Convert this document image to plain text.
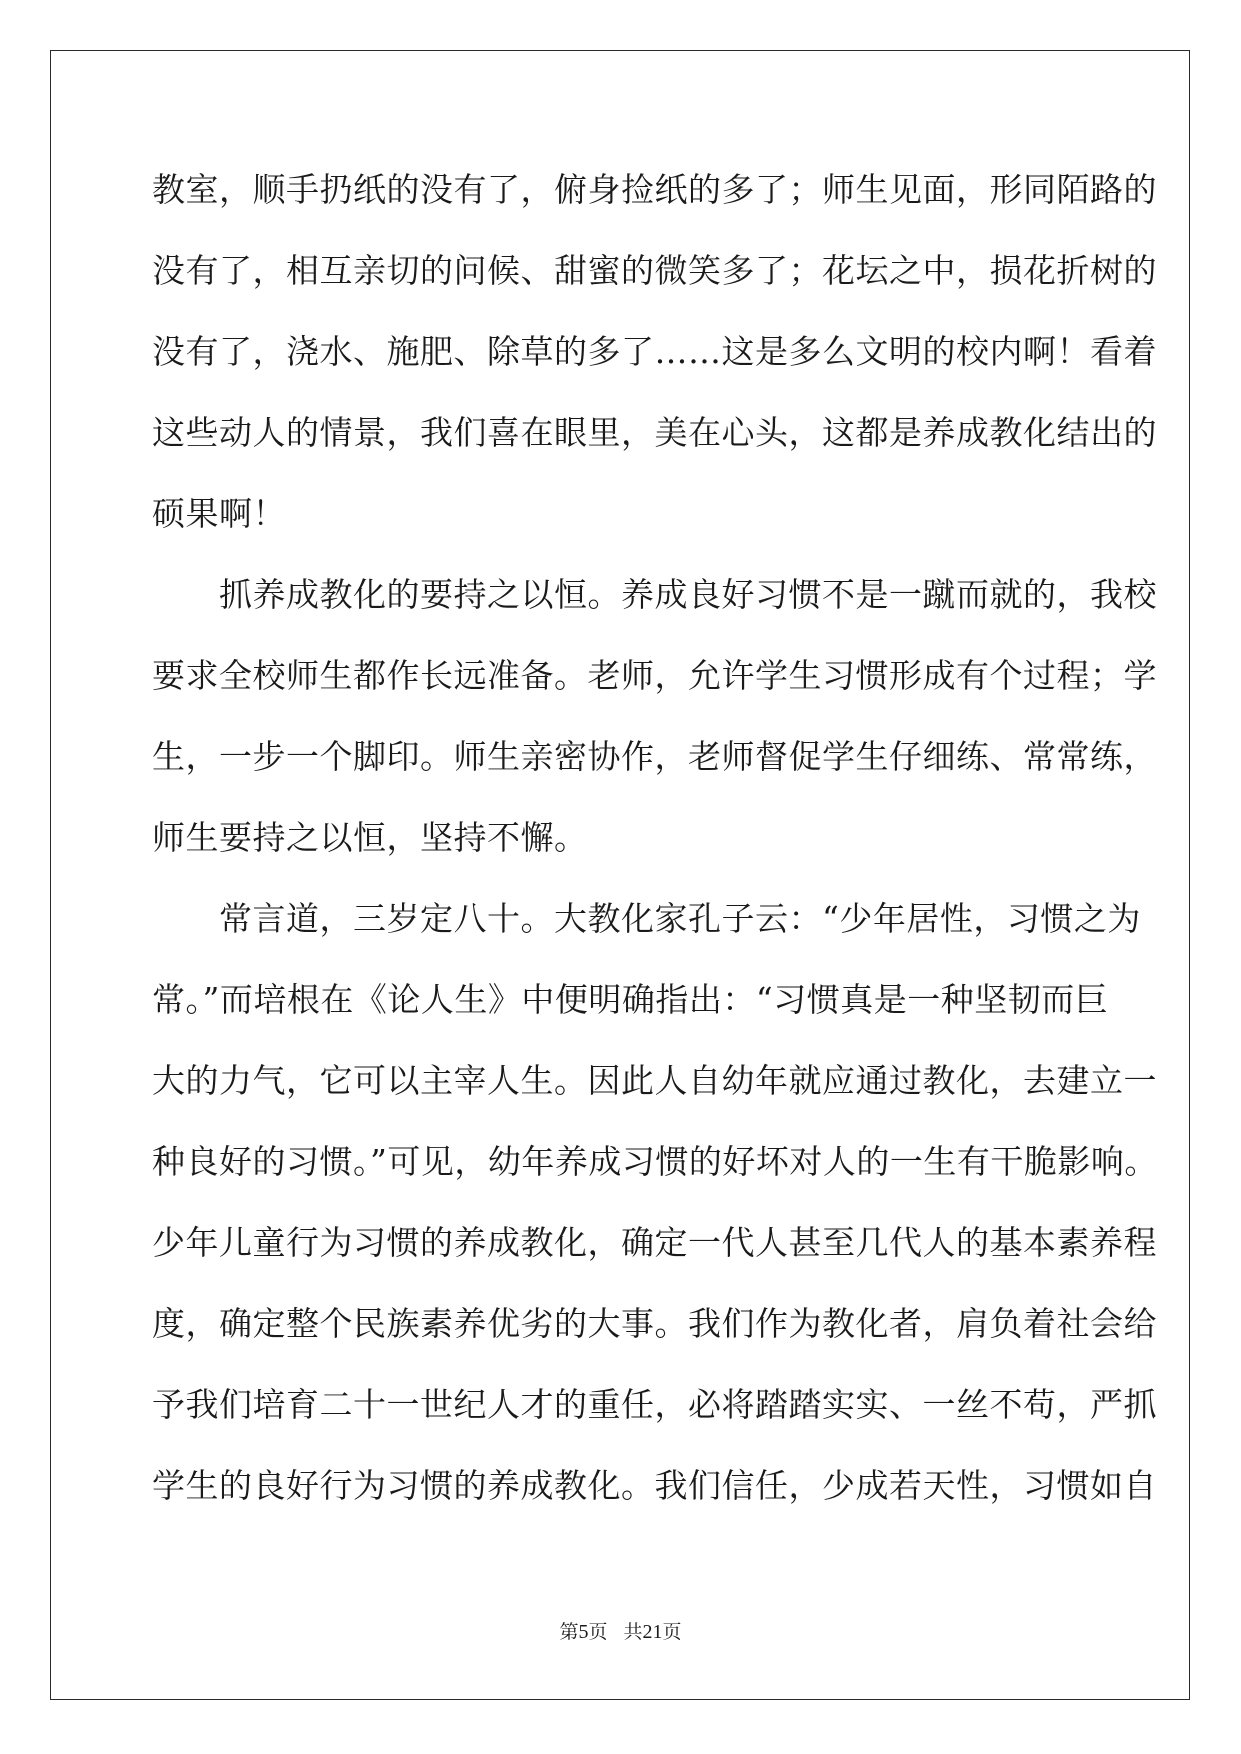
教室，顺手扔纸的没有了，俯身捡纸的多了；师生见面，形同陌路的
没有了，相互亲切的问候、甜蜜的微笑多了；花坛之中，损花折树的
没有了，浇水、施肥、除草的多了……这是多么文明的校内啊！看着
这些动人的情景，我们喜在眼里，美在心头，这都是养成教化结出的
硕果啊！
　　抓养成教化的要持之以恒。养成良好习惯不是一蹴而就的，我校
要求全校师生都作长远准备。老师，允许学生习惯形成有个过程；学
生，一步一个脚印。师生亲密协作，老师督促学生仔细练、常常练，
师生要持之以恒，坚持不懈。
　　常言道，三岁定八十。大教化家孔子云：“少年居性，习惯之为
常。”而培根在《论人生》中便明确指出：“习惯真是一种坚韧而巨
大的力气，它可以主宰人生。因此人自幼年就应通过教化，去建立一
种良好的习惯。”可见，幼年养成习惯的好坏对人的一生有干脆影响。
少年儿童行为习惯的养成教化，确定一代人甚至几代人的基本素养程
度，确定整个民族素养优劣的大事。我们作为教化者，肩负着社会给
予我们培育二十一世纪人才的重任，必将踏踏实实、一丝不苟，严抓
学生的良好行为习惯的养成教化。我们信任，少成若天性，习惯如自
第5页 共21页
